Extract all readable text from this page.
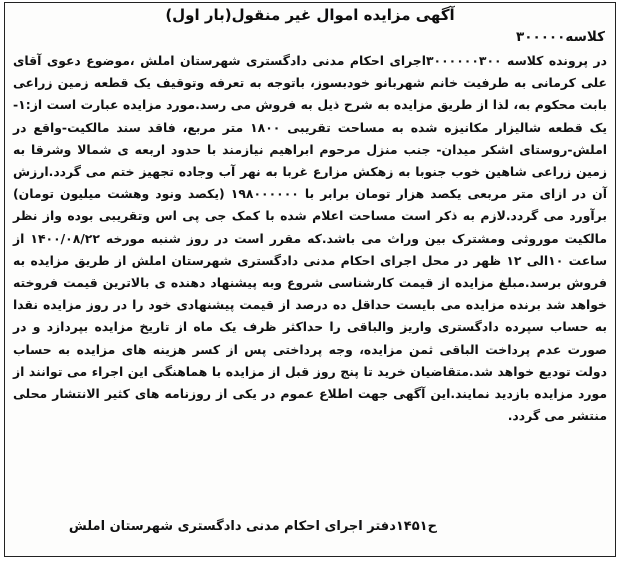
آگهی مزایده اموال غیر منقول(بار اول)
کلاسه۳۰۰۰۰۰

در پرونده کلاسه ۳۰۰۰۰۰۰۳۰۰اجرای احکام مدنی دادگستری شهرستان املش ،موضوع دعوی آقای علی کرمانی به طرفیت خانم شهربانو خودبسوز، باتوجه به تعرفه وتوقیف یک قطعه زمین زراعی بابت محکوم به، لذا از طریق مزایده به شرح ذیل به فروش می رسد.مورد مزایده عبارت است از:۱-یک قطعه شالیزار مکانیزه شده به مساحت تقریبی ۱۸۰۰ متر مربع، فاقد سند مالکیت-واقع در املش-روستای اشکر میدان- جنب منزل مرحوم ابراهیم نیازمند با حدود اربعه ی شمالا وشرقا به زمین زراعی شاهین خوب جنوبا به زهکش مزارع غربا به نهر آب وجاده تجهیز ختم می گردد.ارزش آن در ازای متر مربعی یکصد هزار تومان برابر با ۱۹۸۰۰۰۰۰۰ (یکصد ونود وهشت میلیون تومان) برآورد می گردد.لازم به ذکر است مساحت اعلام شده با کمک جی پی اس وتقریبی بوده واز نظر مالکیت موروثی ومشترک بین وراث می باشد.که مقرر است در روز شنبه مورخه ۱۴۰۰/۰۸/۲۲ از ساعت ۱۰الی ۱۲ ظهر در محل اجرای احکام مدنی دادگستری شهرستان املش از طریق مزایده به فروش برسد.مبلغ مزایده از قیمت کارشناسی شروع وبه پیشنهاد دهنده ی بالاترین قیمت فروخته خواهد شد برنده مزایده می بایست حداقل ده درصد از قیمت پیشنهادی خود را در روز مزایده نقدا به حساب سپرده دادگستری واریز والباقی را حداکثر ظرف یک ماه از تاریخ مزایده بپردازد و در صورت عدم پرداخت الباقی ثمن مزایده، وجه پرداختی پس از کسر هزینه های مزایده به حساب دولت تودیع خواهد شد.متقاضیان خرید تا پنج روز قبل از مزایده با هماهنگی این اجراء می توانند از مورد مزایده بازدید نمایند.این آگهی جهت اطلاع عموم در یکی از روزنامه های کثیر الانتشار محلی منتشر می گردد.

ح۱۴۵۱دفتر اجرای احکام مدنی دادگستری شهرستان املش
